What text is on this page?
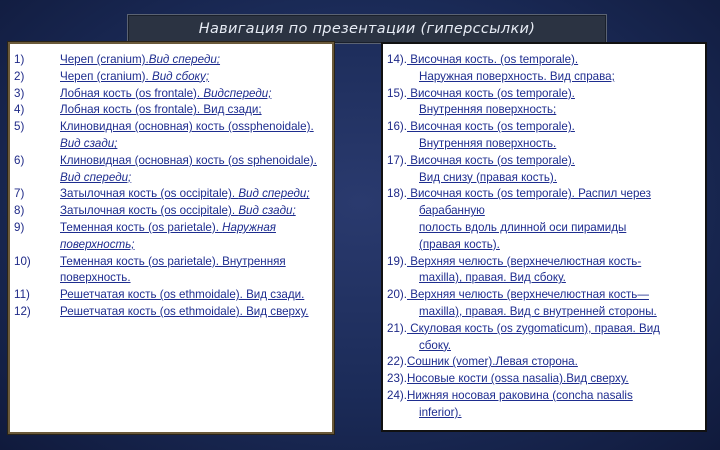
Навигация по презентации (гиперссылки)
1)	Череп (cranium).Вид спереди;
2)	Череп (cranium). Вид сбоку;
3)	Лобная кость (os frontale). Видспереди;
4)	Лобная кость (os frontale). Вид сзади;
5)	Клиновидная (основная) кость (ossphenoidale). Вид сзади;
6)	Клиновидная (основная) кость (os sphenoidale). Вид спереди;
7)	Затылочная кость (os occipitale). Вид спереди;
8)	Затылочная кость (os occipitale). Вид сзади;
9)	Теменная кость (os parietale). Наружная поверхность;
10)	Теменная кость (os parietale). Внутренняя поверхность.
11)	Решетчатая кость (os ethmoidale). Вид сзади.
12)	Решетчатая кость (os ethmoidale). Вид сверху.
14). Височная кость. (os temporale).
Наружная поверхность. Вид справа;
15). Височная кость (os temporale).
Внутренняя поверхность;
16). Височная кость (os temporale).
Внутренняя поверхность.
17). Височная кость (os temporale).
Вид снизу (правая кость).
18). Височная кость (os temporale). Распил через
барабанную
полость вдоль длинной оси пирамиды
(правая кость).
19). Верхняя челюсть (верхнечелюстная кость-
maxilla), правая. Вид сбоку.
20). Верхняя челюсть (верхнечелюстная кость—
maxilla), правая. Вид с внутренней стороны.
21). Скуловая кость (os zygomaticum), правая. Вид
сбоку.
22).Сошник (vomer).Левая сторона.
23).Носовые кости (ossa nasalia).Вид сверху.
24).Нижняя носовая раковина (concha nasalis
inferior).
